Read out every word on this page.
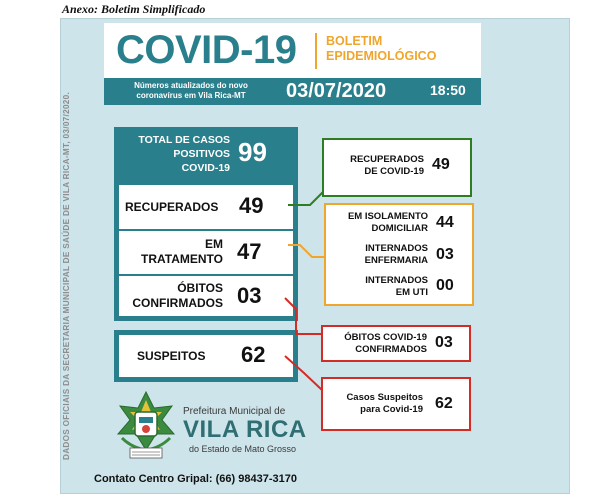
Anexo: Boletim Simplificado
DADOS OFICIAIS DA SECRETARIA MUNICIPAL DE SAÚDE DE VILA RICA-MT, 03/07/2020.
COVID-19 BOLETIM
EPIDEMIOLÓGICO
Números atualizados do novo
coronavírus em Vila Rica-MT	03/07/2020	18:50
TOTAL DE CASOS
POSITIVOS
COVID-19
99
RECUPERADOS 49
EM
TRATAMENTO 47
ÓBITOS
CONFIRMADOS 03
SUSPEITOS 62
RECUPERADOS
DE COVID-19 49
EM ISOLAMENTO
DOMICILIAR 44
INTERNADOS
ENFERMARIA 03
INTERNADOS
EM UTI 00
ÓBITOS COVID-19
CONFIRMADOS 03
Casos Suspeitos
para Covid-19 62
Prefeitura Municipal de
VILA RICA
do Estado de Mato Grosso
Contato Centro Gripal: (66) 98437-3170
